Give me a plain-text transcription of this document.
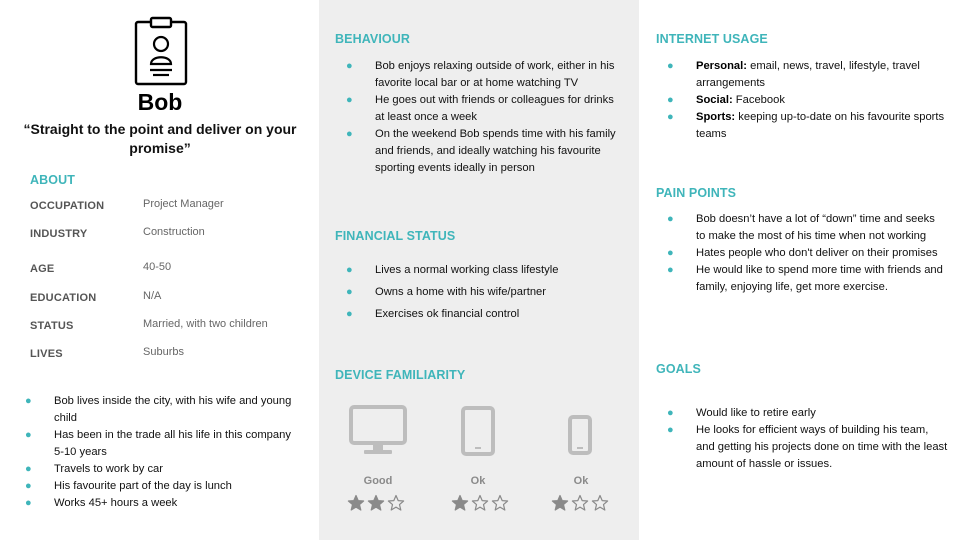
Bob
“Straight to the point and deliver on your promise”
ABOUT
OCCUPATION	Project Manager
INDUSTRY	Construction
AGE	40-50
EDUCATION	N/A
STATUS	Married, with two children
LIVES	Suburbs
● Bob lives inside the city, with his wife and young child
● Has been in the trade all his life in this company 5-10 years
● Travels to work by car
● His favourite part of the day is lunch
● Works 45+ hours a week
BEHAVIOUR
● Bob enjoys relaxing outside of work, either in his favorite local bar or at home watching TV
● He goes out with friends or colleagues for drinks at least once a week
● On the weekend Bob spends time with his family and friends, and ideally watching his favourite sporting events ideally in person
FINANCIAL STATUS
● Lives a normal working class lifestyle
● Owns a home with his wife/partner
● Exercises ok financial control
DEVICE FAMILIARITY
Good	Ok	Ok
INTERNET USAGE
● Personal: email, news, travel, lifestyle, travel arrangements
● Social: Facebook
● Sports: keeping up-to-date on his favourite sports teams
PAIN POINTS
● Bob doesn’t have a lot of “down” time and seeks to make the most of his time when not working
● Hates people who don't deliver on their promises
● He would like to spend more time with friends and family, enjoying life, get more exercise.
GOALS
● Would like to retire early
● He looks for efficient ways of building his team, and getting his projects done on time with the least amount of hassle or issues.
